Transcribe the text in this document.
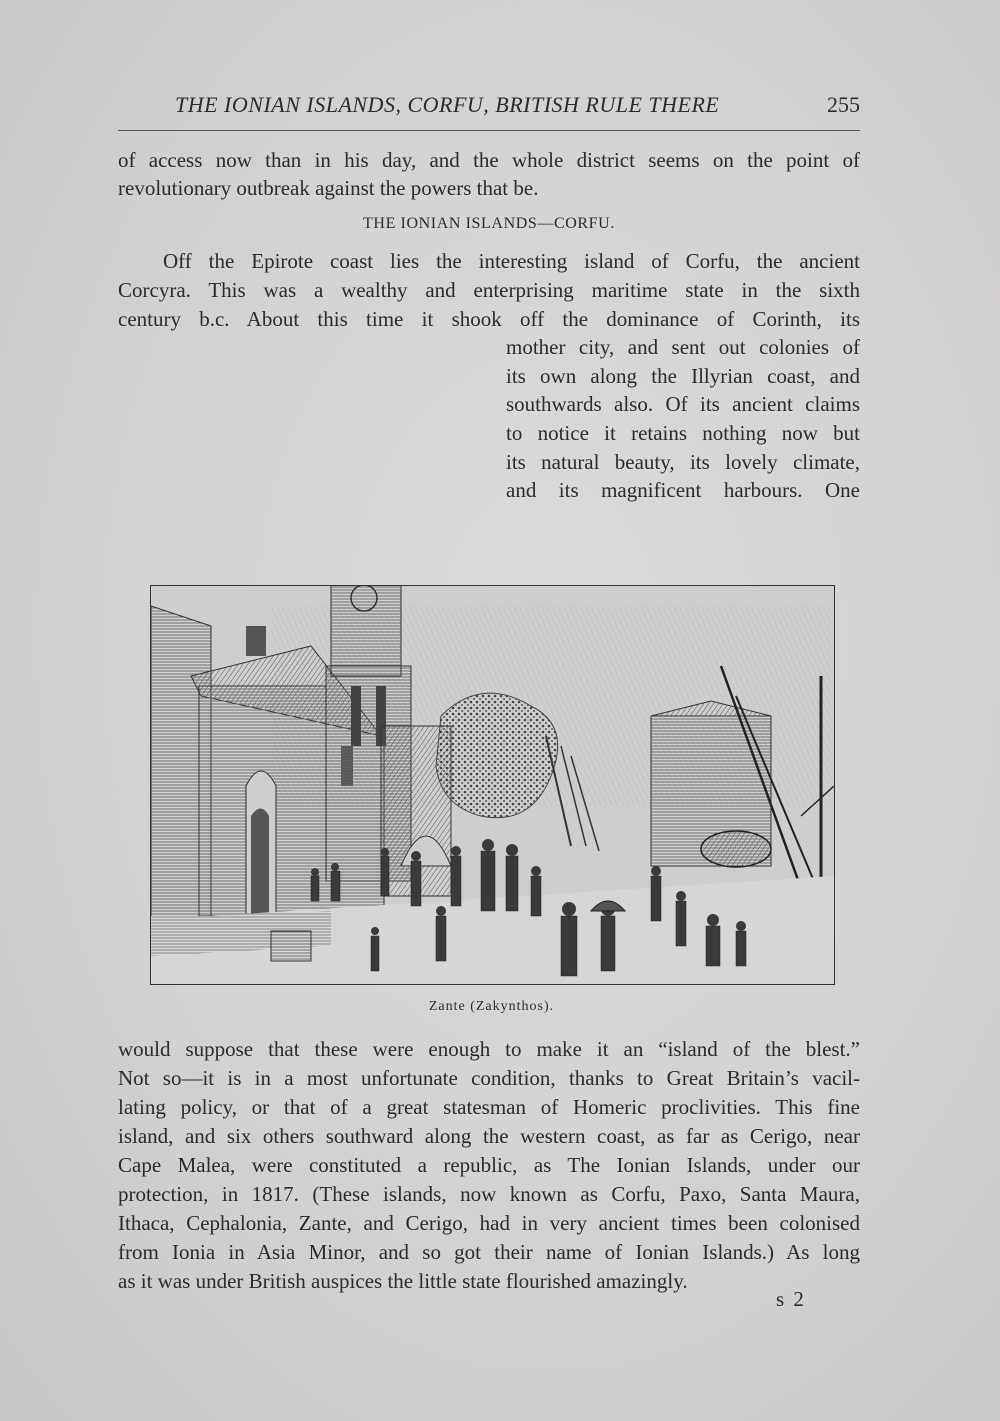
THE IONIAN ISLANDS, CORFU, BRITISH RULE THERE	255
of access now than in his day, and the whole district seems on the point of
revolutionary outbreak against the powers that be.
THE IONIAN ISLANDS—CORFU.
Off the Epirote coast lies the interesting island of Corfu, the ancient
Corcyra. This was a wealthy and enterprising maritime state in the sixth
century b.c. About this time it shook off the dominance of Corinth, its
mother city, and sent out colonies of
its own along the Illyrian coast, and
southwards also. Of its ancient claims
to notice it retains nothing now but
its natural beauty, its lovely climate,
and its magnificent harbours. One
Zante (Zakynthos).
would suppose that these were enough to make it an “island of the blest.”
Not so—it is in a most unfortunate condition, thanks to Great Britain’s vacil-
lating policy, or that of a great statesman of Homeric proclivities. This fine
island, and six others southward along the western coast, as far as Cerigo, near
Cape Malea, were constituted a republic, as The Ionian Islands, under our
protection, in 1817. (These islands, now known as Corfu, Paxo, Santa Maura,
Ithaca, Cephalonia, Zante, and Cerigo, had in very ancient times been colonised
from Ionia in Asia Minor, and so got their name of Ionian Islands.) As long
as it was under British auspices the little state flourished amazingly.
s 2
